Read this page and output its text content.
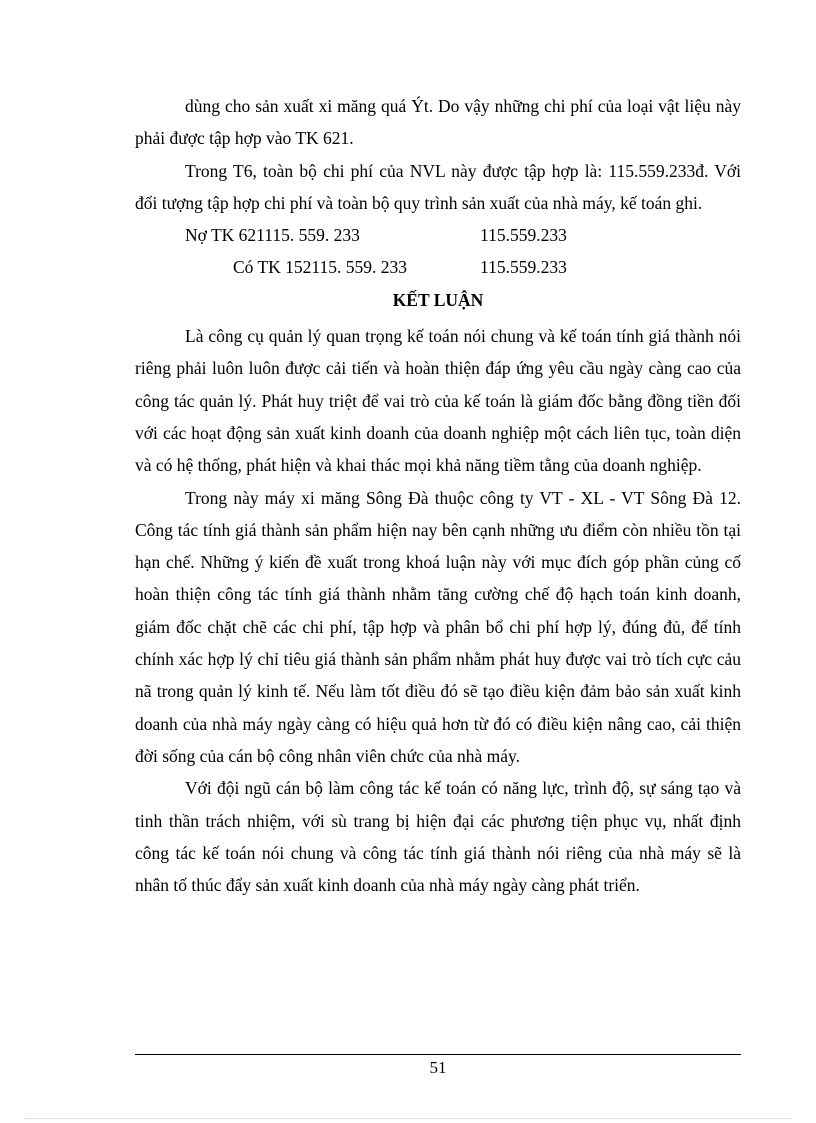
dùng cho sản xuất xi măng quá Ýt. Do vậy những chi phí của loại vật liệu này phải được tập hợp vào TK 621.

Trong T6, toàn bộ chi phí của NVL này được tập hợp là: 115.559.233đ. Với đối tượng tập hợp chi phí và toàn bộ quy trình sản xuất của nhà máy, kế toán ghi.

Nợ TK 621115. 559. 233	115.559.233
Có TK 152115. 559. 233	115.559.233

KẾT LUẬN

Là công cụ quản lý quan trọng kế toán nói chung và kế toán tính giá thành nói riêng phải luôn luôn được cải tiến và hoàn thiện đáp ứng yêu cầu ngày càng cao của công tác quản lý. Phát huy triệt để vai trò của kế toán là giám đốc bằng đồng tiền đối với các hoạt động sản xuất kinh doanh của doanh nghiệp một cách liên tục, toàn diện và có hệ thống, phát hiện và khai thác mọi khả năng tiềm tằng của doanh nghiệp.

Trong này máy xi măng Sông Đà thuộc công ty VT - XL - VT Sông Đà 12. Công tác tính giá thành sản phẩm hiện nay bên cạnh những ưu điểm còn nhiều tồn tại hạn chế. Những ý kiến đề xuất trong khoá luận này với mục đích góp phần củng cố hoàn thiện công tác tính giá thành nhằm tăng cường chế độ hạch toán kinh doanh, giám đốc chặt chẽ các chi phí, tập hợp và phân bổ chi phí hợp lý, đúng đủ, để tính chính xác hợp lý chỉ tiêu giá thành sản phẩm nhằm phát huy được vai trò tích cực cảu nã trong quản lý kinh tế. Nếu làm tốt điều đó sẽ tạo điều kiện đảm bảo sản xuất kinh doanh của nhà máy ngày càng có hiệu quả hơn từ đó có điều kiện nâng cao, cải thiện đời sống của cán bộ công nhân viên chức của nhà máy.

Với đội ngũ cán bộ làm công tác kế toán có năng lực, trình độ, sự sáng tạo và tinh thần trách nhiệm, với sù trang bị hiện đại các phương tiện phục vụ, nhất định công tác kế toán nói chung và công tác tính giá thành nói riêng của nhà máy sẽ là nhân tố thúc đẩy sản xuất kinh doanh của nhà máy ngày càng phát triển.

51
